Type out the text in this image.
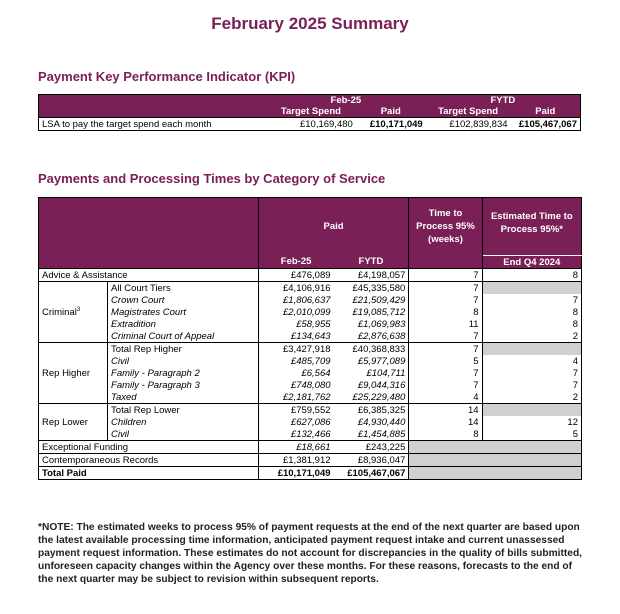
February 2025 Summary
Payment Key Performance Indicator (KPI)
	Feb-25		FYTD	
	Target Spend	Paid	Target Spend	Paid
LSA to pay the target spend each month	£10,169,480	£10,171,049	£102,839,834	£105,467,067
Payments and Processing Times by Category of Service
		Paid		Time to Process 95% (weeks)	Estimated Time to Process 95%*
		Feb-25	FYTD		End Q4 2024
Advice & Assistance		£476,089	£4,198,057	7	8
Criminal$^3$	All Court Tiers	£4,106,916	£45,335,580	7	
	Crown Court	£1,806,637	£21,509,429	7	7
	Magistrates Court	£2,010,099	£19,085,712	8	8
	Extradition	£58,955	£1,069,983	11	8
	Criminal Court of Appeal	£134,643	£2,876,638	7	2
Rep Higher	Total Rep Higher	£3,427,918	£40,368,833	7	
	Civil	£485,709	£5,977,089	5	4
	Family - Paragraph 2	£6,564	£104,711	7	7
	Family - Paragraph 3	£748,080	£9,044,316	7	7
	Taxed	£2,181,762	£25,229,480	4	2
Rep Lower	Total Rep Lower	£759,552	£6,385,325	14	
	Children	£627,086	£4,930,440	14	12
	Civil	£132,466	£1,454,885	8	5
Exceptional Funding		£18,661	£243,225		
Contemporaneous Records		£1,381,912	£8,936,047		
Total Paid		£10,171,049	£105,467,067		
*NOTE: The estimated weeks to process 95% of payment requests at the end of the next quarter are based upon the latest available processing time information, anticipated payment request intake and current unassessed payment request information. These estimates do not account for discrepancies in the quality of bills submitted, unforeseen capacity changes within the Agency over these months. For these reasons, forecasts to the end of the next quarter may be subject to revision within subsequent reports.
